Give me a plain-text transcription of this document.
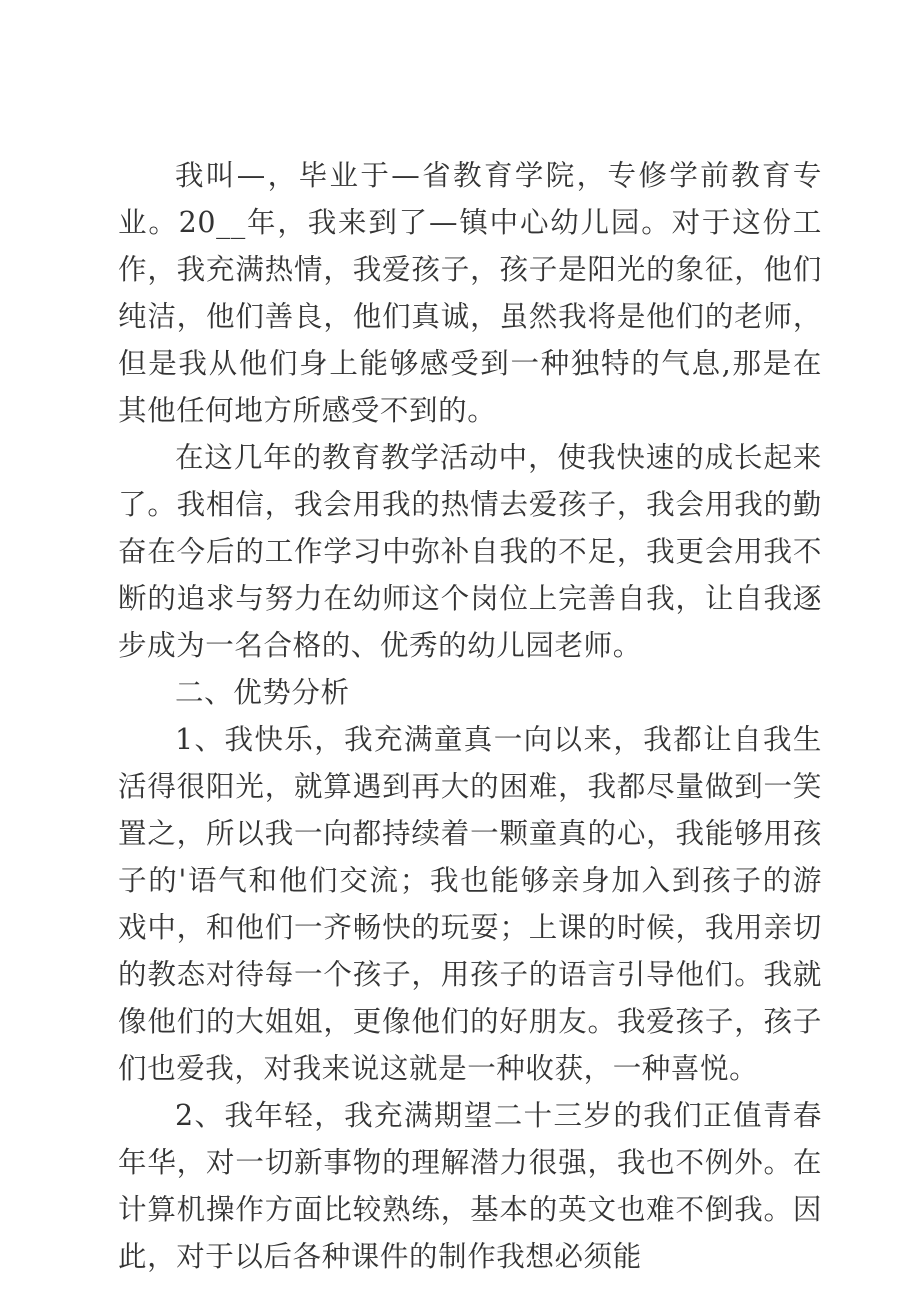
我叫—，毕业于—省教育学院，专修学前教育专业。20__年，我来到了—镇中心幼儿园。对于这份工作，我充满热情，我爱孩子，孩子是阳光的象征，他们纯洁，他们善良，他们真诚，虽然我将是他们的老师，但是我从他们身上能够感受到一种独特的气息,那是在其他任何地方所感受不到的。

在这几年的教育教学活动中，使我快速的成长起来了。我相信，我会用我的热情去爱孩子，我会用我的勤奋在今后的工作学习中弥补自我的不足，我更会用我不断的追求与努力在幼师这个岗位上完善自我，让自我逐步成为一名合格的、优秀的幼儿园老师。

二、优势分析

1、我快乐，我充满童真一向以来，我都让自我生活得很阳光，就算遇到再大的困难，我都尽量做到一笑置之，所以我一向都持续着一颗童真的心，我能够用孩子的'语气和他们交流；我也能够亲身加入到孩子的游戏中，和他们一齐畅快的玩耍；上课的时候，我用亲切的教态对待每一个孩子，用孩子的语言引导他们。我就像他们的大姐姐，更像他们的好朋友。我爱孩子，孩子们也爱我，对我来说这就是一种收获，一种喜悦。

2、我年轻，我充满期望二十三岁的我们正值青春年华，对一切新事物的理解潜力很强，我也不例外。在计算机操作方面比较熟练，基本的英文也难不倒我。因此，对于以后各种课件的制作我想必须能
